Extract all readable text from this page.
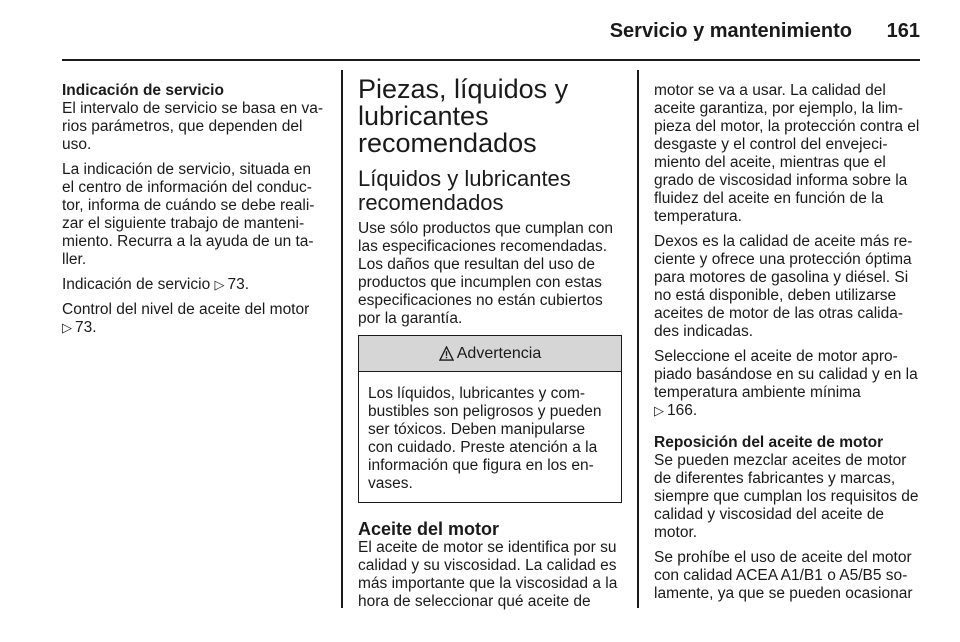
Servicio y mantenimiento 161
Indicación de servicio

El intervalo de servicio se basa en va-rios parámetros, que dependen del uso.

La indicación de servicio, situada en el centro de información del conduc-tor, informa de cuándo se debe reali-zar el siguiente trabajo de manteni-miento. Recurra a la ayuda de un ta-ller.

Indicación de servicio ▷ 73.

Control del nivel de aceite del motor
▷ 73.

Piezas, líquidos y lubricantes recomendados
Líquidos y lubricantes recomendados

Use sólo productos que cumplan con las especificaciones recomendadas. Los daños que resultan del uso de productos que incumplen con estas especificaciones no están cubiertos por la garantía.

Advertencia
Los líquidos, lubricantes y com-bustibles son peligrosos y pueden ser tóxicos. Deben manipularse con cuidado. Preste atención a la información que figura en los en-vases.
Aceite del motor

El aceite de motor se identifica por su calidad y su viscosidad. La calidad es más importante que la viscosidad a la hora de seleccionar qué aceite de

motor se va a usar. La calidad del aceite garantiza, por ejemplo, la lim-pieza del motor, la protección contra el desgaste y el control del envejeci-miento del aceite, mientras que el grado de viscosidad informa sobre la fluidez del aceite en función de la temperatura.

Dexos es la calidad de aceite más re-ciente y ofrece una protección óptima para motores de gasolina y diésel. Si no está disponible, deben utilizarse aceites de motor de las otras calida-des indicadas.

Seleccione el aceite de motor apro-piado basándose en su calidad y en la temperatura ambiente mínima
▷ 166.

Reposición del aceite de motor

Se pueden mezclar aceites de motor de diferentes fabricantes y marcas, siempre que cumplan los requisitos de calidad y viscosidad del aceite de motor.

Se prohíbe el uso de aceite del motor con calidad ACEA A1/B1 o A5/B5 so-lamente, ya que se pueden ocasionar
